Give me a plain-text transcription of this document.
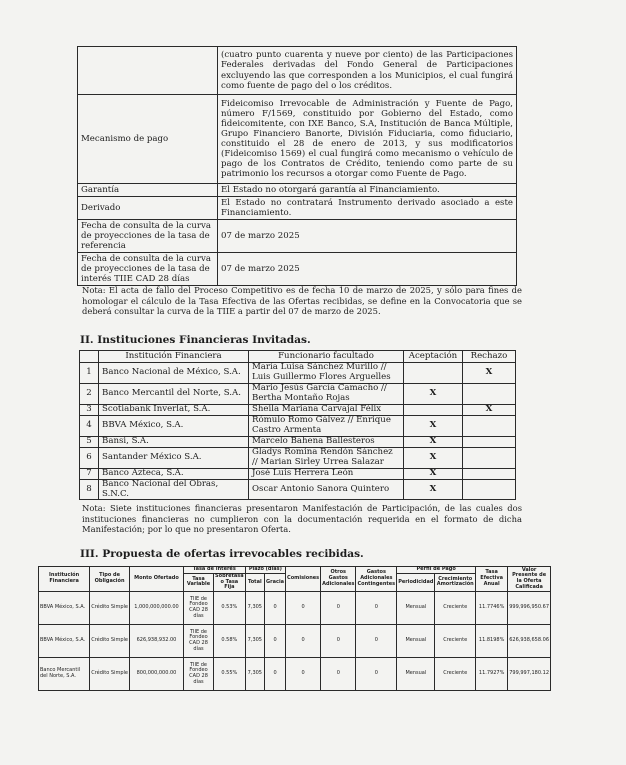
	(cuatro punto cuarenta y nueve por ciento) de las Participaciones Federales derivadas del Fondo General de Participaciones excluyendo las que corresponden a los Municipios, el cual fungirá como fuente de pago del o los créditos.
Mecanismo de pago	Fideicomiso Irrevocable de Administración y Fuente de Pago, número F/1569, constituido por Gobierno del Estado, como fideicomitente, con IXE Banco, S.A, Institución de Banca Múltiple, Grupo Financiero Banorte, División Fiduciaria, como fiduciario, constituido el 28 de enero de 2013, y sus modificatorios (Fideicomiso 1569) el cual fungirá como mecanismo o vehículo de pago de los Contratos de Crédito, teniendo como parte de su patrimonio los recursos a otorgar como Fuente de Pago.
Garantía	El Estado no otorgará garantía al Financiamiento.
Derivado	El Estado no contratará Instrumento derivado asociado a este Financiamiento.
Fecha de consulta de la curva de proyecciones de la tasa de referencia	07 de marzo 2025
Fecha de consulta de la curva de proyecciones de la tasa de interés TIIE CAD 28 días	07 de marzo 2025
Nota: El acta de fallo del Proceso Competitivo es de fecha 10 de marzo de 2025, y sólo para fines de homologar el cálculo de la Tasa Efectiva de las Ofertas recibidas, se define en la Convocatoria que se deberá consultar la curva de la TIIE a partir del 07 de marzo de 2025.
II. Instituciones Financieras Invitadas.
	Institución Financiera	Funcionario facultado	Aceptación	Rechazo
1	Banco Nacional de México, S.A.	María Luisa Sánchez Murillo // Luis Guillermo Flores Arguelles		X
2	Banco Mercantil del Norte, S.A.	Mario Jesús García Camacho // Bertha Montaño Rojas	X	
3	Scotiabank Inverlat, S.A.	Sheila Mariana Carvajal Félix		X
4	BBVA México, S.A.	Rómulo Romo Gálvez // Enrique Castro Armenta	X	
5	Bansi, S.A.	Marcelo Bahena Ballesteros	X	
6	Santander México S.A.	Gladys Romina Rendón Sánchez // Marian Sirley Urrea Salazar	X	
7	Banco Azteca, S.A.	José Luis Herrera León	X	
8	Banco Nacional del Obras, S.N.C.	Oscar Antonio Sanora Quintero	X	
Nota: Siete instituciones financieras presentaron Manifestación de Participación, de las cuales dos instituciones financieras no cumplieron con la documentación requerida en el formato de dicha Manifestación; por lo que no presentaron Oferta.
III. Propuesta de ofertas irrevocables recibidas.
Institución Financiera	Tipo de Obligación	Monto Ofertado	Tasa de Interés		Plazo (días)		Comisiones	Otros Gastos Adicionales	Gastos Adicionales Contingentes	Perfil de Pago		Tasa Efectiva Anual	Valor Presente de la Oferta Calificada
			Tasa Variable	Sobretasa o Tasa Fija	Total	Gracia				Periodicidad	Crecimiento Amortización		
BBVA México, S.A.	Crédito Simple	1,000,000,000.00	TIIE de Fondeo CAD 28 días	0.53%	7,305	0	0	0	0	Mensual	Creciente	11.7746%	999,996,950.67
BBVA México, S.A.	Crédito Simple	626,938,932.00	TIIE de Fondeo CAD 28 días	0.58%	7,305	0	0	0	0	Mensual	Creciente	11.8198%	626,938,658.06
Banco Mercantil del Norte, S.A.	Crédito Simple	800,000,000.00	TIIE de Fondeo CAD 28 días	0.55%	7,305	0	0	0	0	Mensual	Creciente	11.7927%	799,997,180.12
